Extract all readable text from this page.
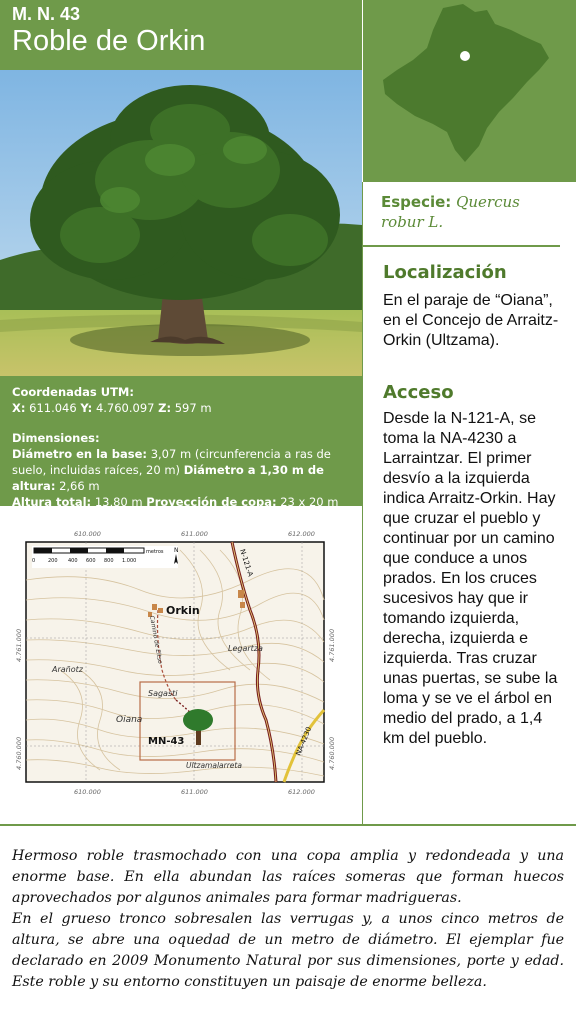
M. N. 43
Roble de Orkin
Coordenadas UTM:
X: 611.046 Y: 4.760.097 Z: 597 m
Dimensiones:
Diámetro en la base: 3,07 m (circunferencia a ras de suelo, incluidas raíces, 20 m) Diámetro a 1,30 m de altura: 2,66 m
Altura total: 13,80 m Proyección de copa: 23 x 20 m
Especie: Quercus
robur L.
Localización
En el paraje de “Oiana”, en el Concejo de Arraitz-Orkin (Ultzama).
Acceso
Desde la N-121-A, se toma la NA-4230 a Larraintzar. El primer desvío a la izquierda indica Arraitz-Orkin. Hay que cruzar el pueblo y continuar por un camino que conduce a unos prados. En los cruces sucesivos hay que ir tomando izquierda, derecha, izquierda e izquierda. Tras cruzar unas puertas, se sube la loma y se ve el árbol en medio del prado, a 1,4 km del pueblo.
0	200 400 600 800 1.000
metros N
610.000	611.000	612.000
610.000	611.000	612.000
4.761.000
4.760.000
4.761.000
4.760.000
Orkin
Legartza
Arañotz
Sagasti
Oiana
Ultzamalarreta
MN-43
N-121-A
NA-4230
Camino de Eltso

Hermoso roble trasmochado con una copa amplia y redondeada y una enorme base. En ella abundan las raíces someras que forman huecos aprovechados por algunos animales para formar madrigueras.

En el grueso tronco sobresalen las verrugas y, a unos cinco metros de altura, se abre una oquedad de un metro de diámetro. El ejemplar fue declarado en 2009 Monumento Natural por sus dimensiones, porte y edad. Este roble y su entorno constituyen un paisaje de enorme belleza.
